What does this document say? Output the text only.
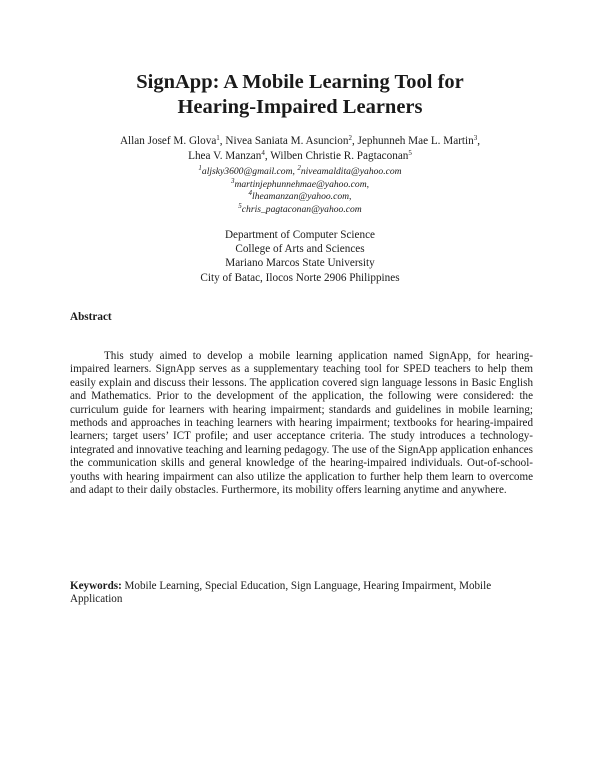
SignApp: A Mobile Learning Tool for
Hearing-Impaired Learners
Allan Josef M. Glova$^1$, Nivea Saniata M. Asuncion$^2$, Jephunneh Mae L. Martin$^3$,
Lhea V. Manzan$^4$, Wilben Christie R. Pagtaconan$^5$
$^1$aljsky3600@gmail.com, $^2$niveamaldita@yahoo.com
$^3$martinjephunnehmae@yahoo.com,
$^4$lheamanzan@yahoo.com,
$^5$chris_pagtaconan@yahoo.com
Department of Computer Science
College of Arts and Sciences
Mariano Marcos State University
City of Batac, Ilocos Norte 2906 Philippines
Abstract
This study aimed to develop a mobile learning application named SignApp, for hearing-impaired learners. SignApp serves as a supplementary teaching tool for SPED teachers to help them easily explain and discuss their lessons. The application covered sign language lessons in Basic English and Mathematics. Prior to the development of the application, the following were considered: the curriculum guide for learners with hearing impairment; standards and guidelines in mobile learning; methods and approaches in teaching learners with hearing impairment; textbooks for hearing-impaired learners; target users’ ICT profile; and user acceptance criteria. The study introduces a technology-integrated and innovative teaching and learning pedagogy. The use of the SignApp application enhances the communication skills and general knowledge of the hearing-impaired individuals. Out-of-school-youths with hearing impairment can also utilize the application to further help them learn to overcome and adapt to their daily obstacles. Furthermore, its mobility offers learning anytime and anywhere.
Keywords: Mobile Learning, Special Education, Sign Language, Hearing Impairment, Mobile Application
